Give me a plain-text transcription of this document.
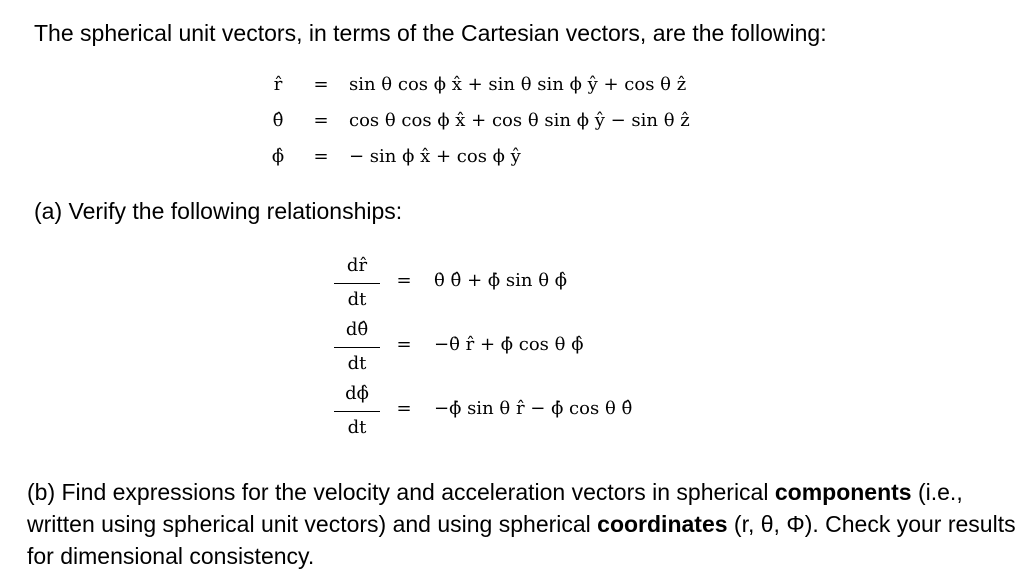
The spherical unit vectors, in terms of the Cartesian vectors, are the following:
r̂	= sin θ cos ϕ x̂ + sin θ sin ϕ ŷ + cos θ ẑ
θ̂	= cos θ cos ϕ x̂ + cos θ sin ϕ ŷ − sin θ ẑ
ϕ̂	= − sin ϕ x̂ + cos ϕ ŷ
(a) Verify the following relationships:
dr̂
dt
= θ̇ θ̂ + ϕ̇ sin θ ϕ̂
dθ̂
dt
= −θ̇ r̂ + ϕ̇ cos θ ϕ̂
dϕ̂
dt
= −ϕ̇ sin θ r̂ − ϕ̇ cos θ θ̂
(b) Find expressions for the velocity and acceleration vectors in spherical components (i.e., written using spherical unit vectors) and using spherical coordinates (r, θ, Φ). Check your results for dimensional consistency.
